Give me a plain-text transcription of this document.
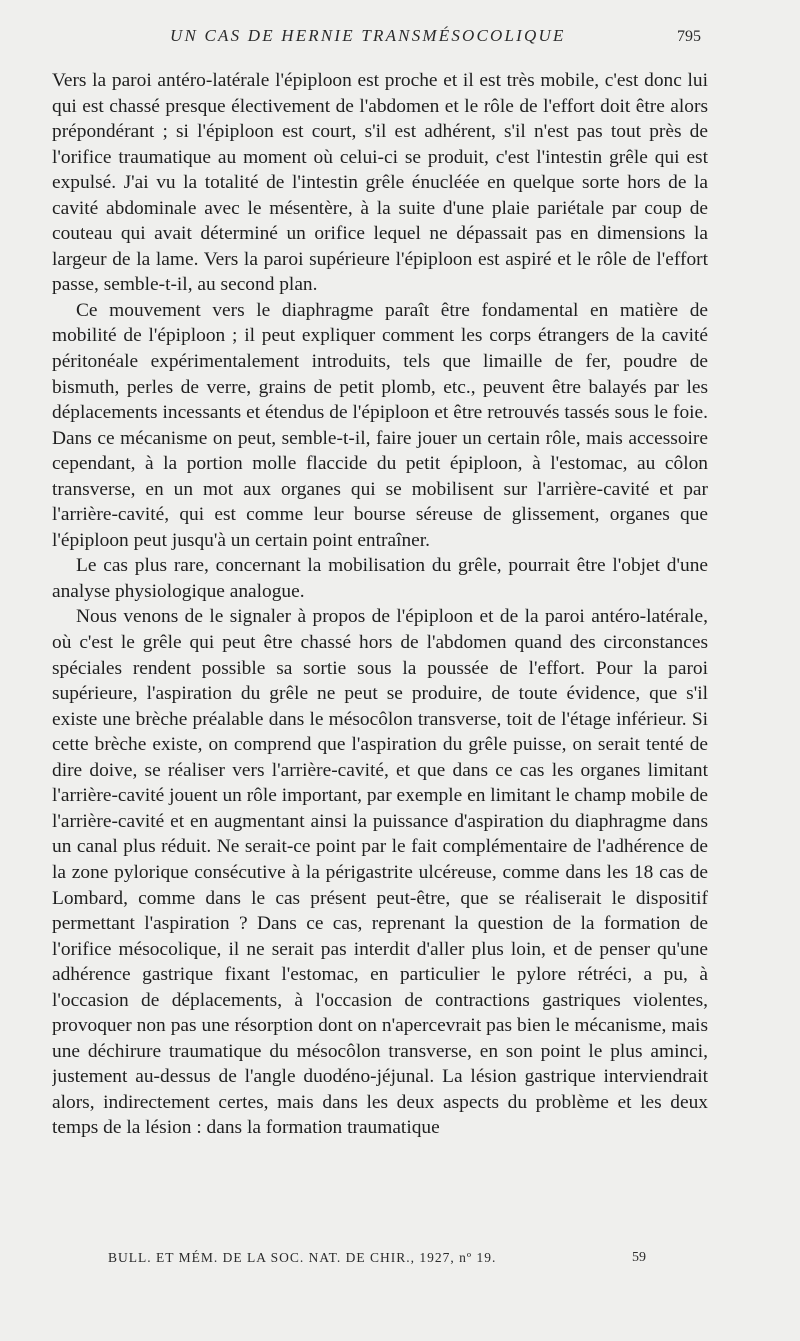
UN CAS DE HERNIE TRANSMÉSOCOLIQUE	795

Vers la paroi antéro-latérale l'épiploon est proche et il est très mobile, c'est donc lui qui est chassé presque électivement de l'abdomen et le rôle de l'effort doit être alors prépondérant ; si l'épiploon est court, s'il est adhérent, s'il n'est pas tout près de l'orifice traumatique au moment où celui-ci se produit, c'est l'intestin grêle qui est expulsé. J'ai vu la totalité de l'intestin grêle énucléée en quelque sorte hors de la cavité abdominale avec le mésentère, à la suite d'une plaie pariétale par coup de couteau qui avait déterminé un orifice lequel ne dépassait pas en dimensions la largeur de la lame. Vers la paroi supérieure l'épiploon est aspiré et le rôle de l'effort passe, semble-t-il, au second plan.

Ce mouvement vers le diaphragme paraît être fondamental en matière de mobilité de l'épiploon ; il peut expliquer comment les corps étrangers de la cavité péritonéale expérimentalement introduits, tels que limaille de fer, poudre de bismuth, perles de verre, grains de petit plomb, etc., peuvent être balayés par les déplacements incessants et étendus de l'épiploon et être retrouvés tassés sous le foie. Dans ce mécanisme on peut, semble-t-il, faire jouer un certain rôle, mais accessoire cependant, à la portion molle flaccide du petit épiploon, à l'estomac, au côlon transverse, en un mot aux organes qui se mobilisent sur l'arrière-cavité et par l'arrière-cavité, qui est comme leur bourse séreuse de glissement, organes que l'épiploon peut jusqu'à un certain point entraîner.

Le cas plus rare, concernant la mobilisation du grêle, pourrait être l'objet d'une analyse physiologique analogue.

Nous venons de le signaler à propos de l'épiploon et de la paroi antéro-latérale, où c'est le grêle qui peut être chassé hors de l'abdomen quand des circonstances spéciales rendent possible sa sortie sous la poussée de l'effort. Pour la paroi supérieure, l'aspiration du grêle ne peut se produire, de toute évidence, que s'il existe une brèche préalable dans le mésocôlon transverse, toit de l'étage inférieur. Si cette brèche existe, on comprend que l'aspiration du grêle puisse, on serait tenté de dire doive, se réaliser vers l'arrière-cavité, et que dans ce cas les organes limitant l'arrière-cavité jouent un rôle important, par exemple en limitant le champ mobile de l'arrière-cavité et en augmentant ainsi la puissance d'aspiration du diaphragme dans un canal plus réduit. Ne serait-ce point par le fait complémentaire de l'adhérence de la zone pylorique consécutive à la périgastrite ulcéreuse, comme dans les 18 cas de Lombard, comme dans le cas présent peut-être, que se réaliserait le dispositif permettant l'aspiration ? Dans ce cas, reprenant la question de la formation de l'orifice mésocolique, il ne serait pas interdit d'aller plus loin, et de penser qu'une adhérence gastrique fixant l'estomac, en particulier le pylore rétréci, a pu, à l'occasion de déplacements, à l'occasion de contractions gastriques violentes, provoquer non pas une résorption dont on n'apercevrait pas bien le mécanisme, mais une déchirure traumatique du mésocôlon transverse, en son point le plus aminci, justement au-dessus de l'angle duodéno-jéjunal. La lésion gastrique interviendrait alors, indirectement certes, mais dans les deux aspects du problème et les deux temps de la lésion : dans la formation traumatique

BULL. ET MÉM. DE LA SOC. NAT. DE CHIR., 1927, nº 19.	59
